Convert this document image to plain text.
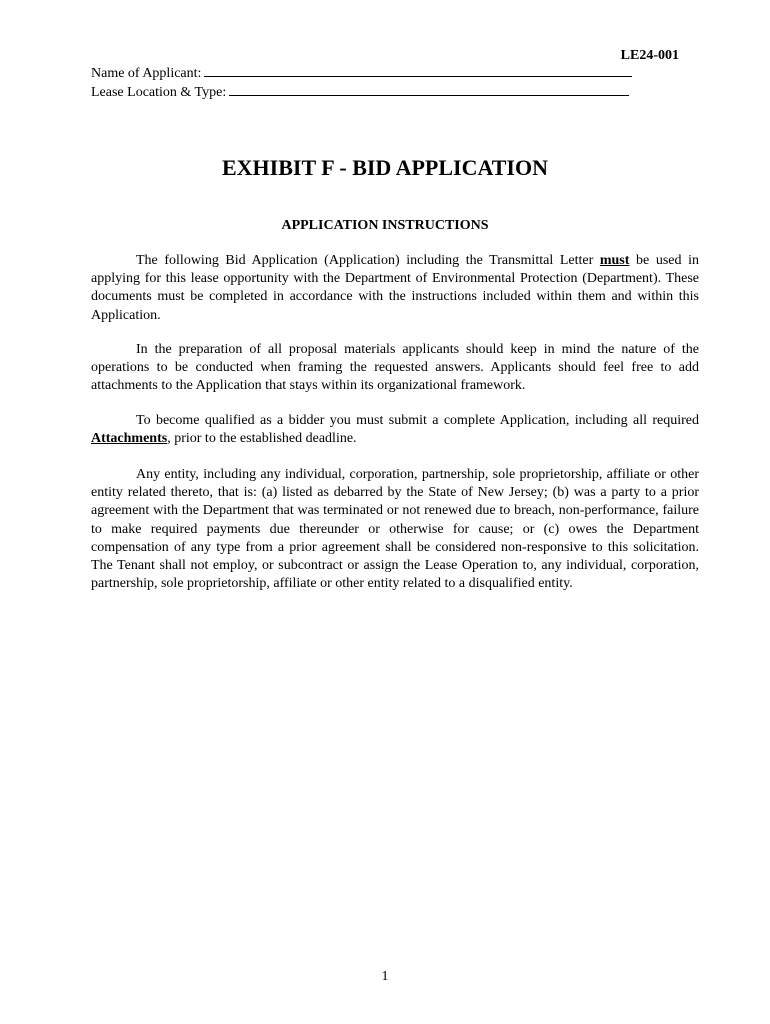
LE24-001
Name of Applicant:
Lease Location & Type:
EXHIBIT F - BID APPLICATION
APPLICATION INSTRUCTIONS

The following Bid Application (Application) including the Transmittal Letter must be used in applying for this lease opportunity with the Department of Environmental Protection (Department). These documents must be completed in accordance with the instructions included within them and within this Application.

In the preparation of all proposal materials applicants should keep in mind the nature of the operations to be conducted when framing the requested answers. Applicants should feel free to add attachments to the Application that stays within its organizational framework.

To become qualified as a bidder you must submit a complete Application, including all required Attachments, prior to the established deadline.

Any entity, including any individual, corporation, partnership, sole proprietorship, affiliate or other entity related thereto, that is: (a) listed as debarred by the State of New Jersey; (b) was a party to a prior agreement with the Department that was terminated or not renewed due to breach, non-performance, failure to make required payments due thereunder or otherwise for cause; or (c) owes the Department compensation of any type from a prior agreement shall be considered non-responsive to this solicitation. The Tenant shall not employ, or subcontract or assign the Lease Operation to, any individual, corporation, partnership, sole proprietorship, affiliate or other entity related to a disqualified entity.

1
